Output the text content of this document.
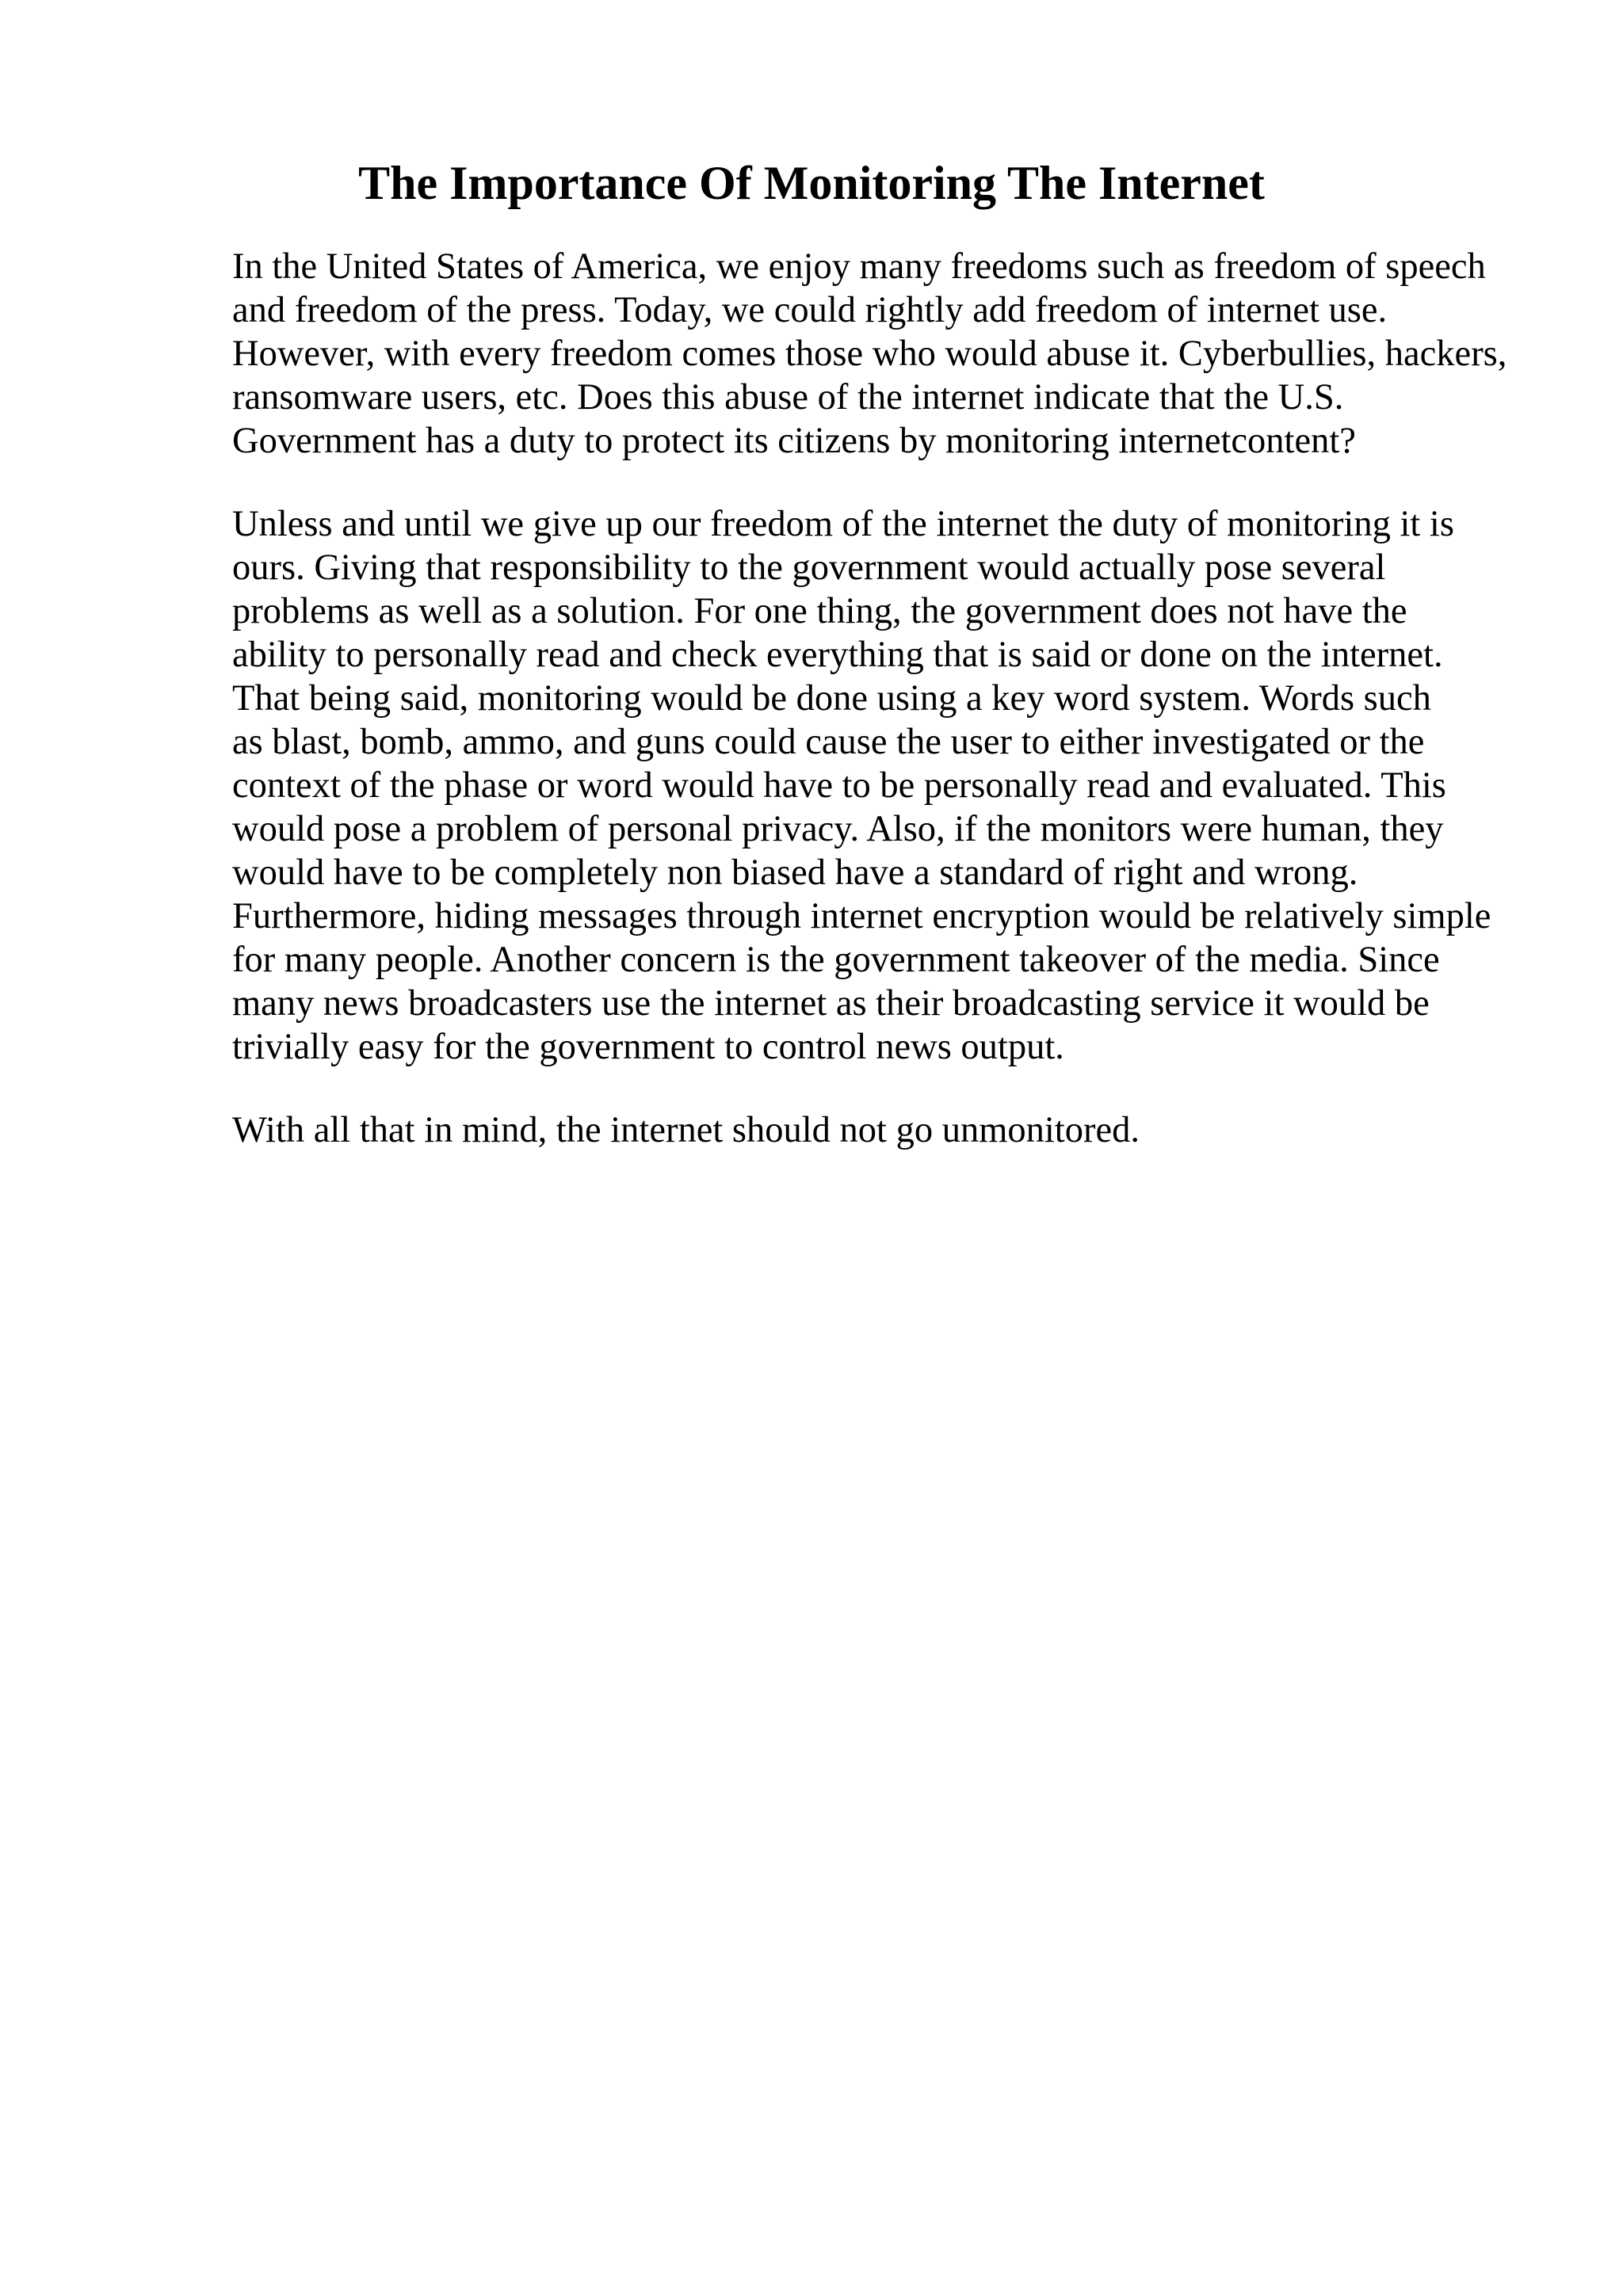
The Importance Of Monitoring The Internet

In the United States of America, we enjoy many freedoms such as freedom of speech
and freedom of the press. Today, we could rightly add freedom of internet use.
However, with every freedom comes those who would abuse it. Cyberbullies, hackers,
ransomware users, etc. Does this abuse of the internet indicate that the U.S.
Government has a duty to protect its citizens by monitoring internetcontent?

Unless and until we give up our freedom of the internet the duty of monitoring it is
ours. Giving that responsibility to the government would actually pose several
problems as well as a solution. For one thing, the government does not have the
ability to personally read and check everything that is said or done on the internet.
That being said, monitoring would be done using a key word system. Words such
as blast, bomb, ammo, and guns could cause the user to either investigated or the
context of the phase or word would have to be personally read and evaluated. This
would pose a problem of personal privacy. Also, if the monitors were human, they
would have to be completely non biased have a standard of right and wrong.
Furthermore, hiding messages through internet encryption would be relatively simple
for many people. Another concern is the government takeover of the media. Since
many news broadcasters use the internet as their broadcasting service it would be
trivially easy for the government to control news output.

With all that in mind, the internet should not go unmonitored.
